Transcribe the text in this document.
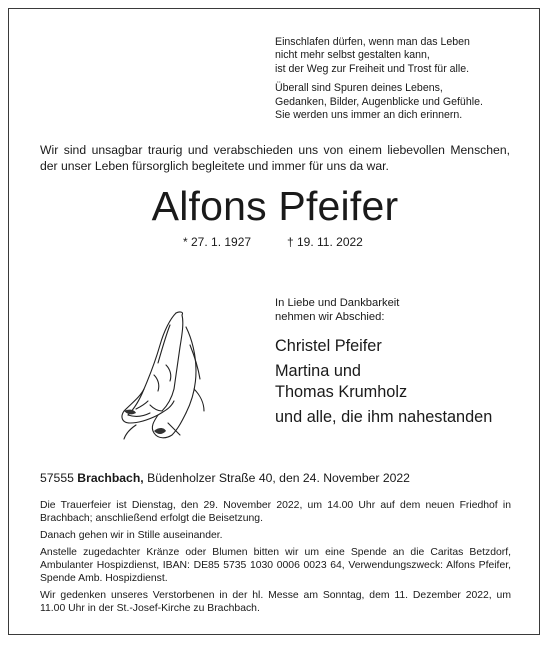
Einschlafen dürfen, wenn man das Leben
nicht mehr selbst gestalten kann,
ist der Weg zur Freiheit und Trost für alle.
Überall sind Spuren deines Lebens,
Gedanken, Bilder, Augenblicke und Gefühle.
Sie werden uns immer an dich erinnern.
Wir sind unsagbar traurig und verabschieden uns von einem liebevollen Menschen,
der unser Leben fürsorglich begleitete und immer für uns da war.
Alfons Pfeifer
* 27. 1. 1927	† 19. 11. 2022
In Liebe und Dankbarkeit
nehmen wir Abschied:
Christel Pfeifer
Martina und
Thomas Krumholz
und alle, die ihm nahestanden
57555 Brachbach, Büdenholzer Straße 40, den 24. November 2022

Die Trauerfeier ist Dienstag, den 29. November 2022, um 14.00 Uhr auf dem neuen Friedhof in Brachbach; anschließend erfolgt die Beisetzung.

Danach gehen wir in Stille auseinander.

Anstelle zugedachter Kränze oder Blumen bitten wir um eine Spende an die Caritas Betzdorf, Ambulanter Hospizdienst, IBAN: DE85 5735 1030 0006 0023 64, Verwendungszweck: Alfons Pfeifer, Spende Amb. Hospizdienst.

Wir gedenken unseres Verstorbenen in der hl. Messe am Sonntag, dem 11. Dezember 2022, um 11.00 Uhr in der St.-Josef-Kirche zu Brachbach.
